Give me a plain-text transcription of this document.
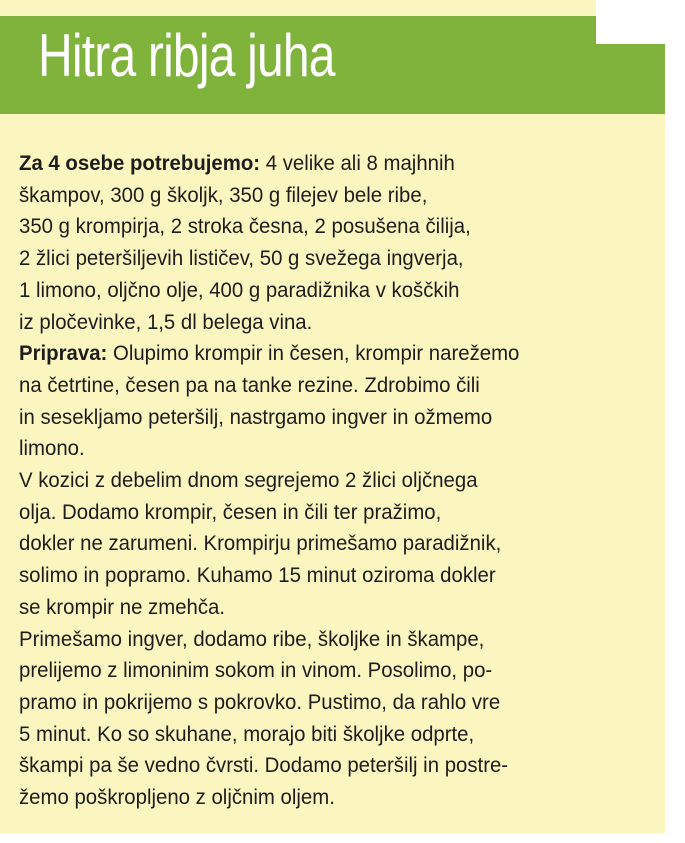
Hitra ribja juha
Za 4 osebe potrebujemo: 4 velike ali 8 majhnih
škampov, 300 g školjk, 350 g filejev bele ribe,
350 g krompirja, 2 stroka česna, 2 posušena čilija,
2 žlici peteršiljevih lističev, 50 g svežega ingverja,
1 limono, oljčno olje, 400 g paradižnika v koščkih
iz pločevinke, 1,5 dl belega vina.
Priprava: Olupimo krompir in česen, krompir narežemo
na četrtine, česen pa na tanke rezine. Zdrobimo čili
in sesekljamo peteršilj, nastrgamo ingver in ožmemo
limono.
V kozici z debelim dnom segrejemo 2 žlici oljčnega
olja. Dodamo krompir, česen in čili ter pražimo,
dokler ne zarumeni. Krompirju primešamo paradižnik,
solimo in popramo. Kuhamo 15 minut oziroma dokler
se krompir ne zmehča.
Primešamo ingver, dodamo ribe, školjke in škampe,
prelijemo z limoninim sokom in vinom. Posolimo, po-
pramo in pokrijemo s pokrovko. Pustimo, da rahlo vre
5 minut. Ko so skuhane, morajo biti školjke odprte,
škampi pa še vedno čvrsti. Dodamo peteršilj in postre-
žemo poškropljeno z oljčnim oljem.
